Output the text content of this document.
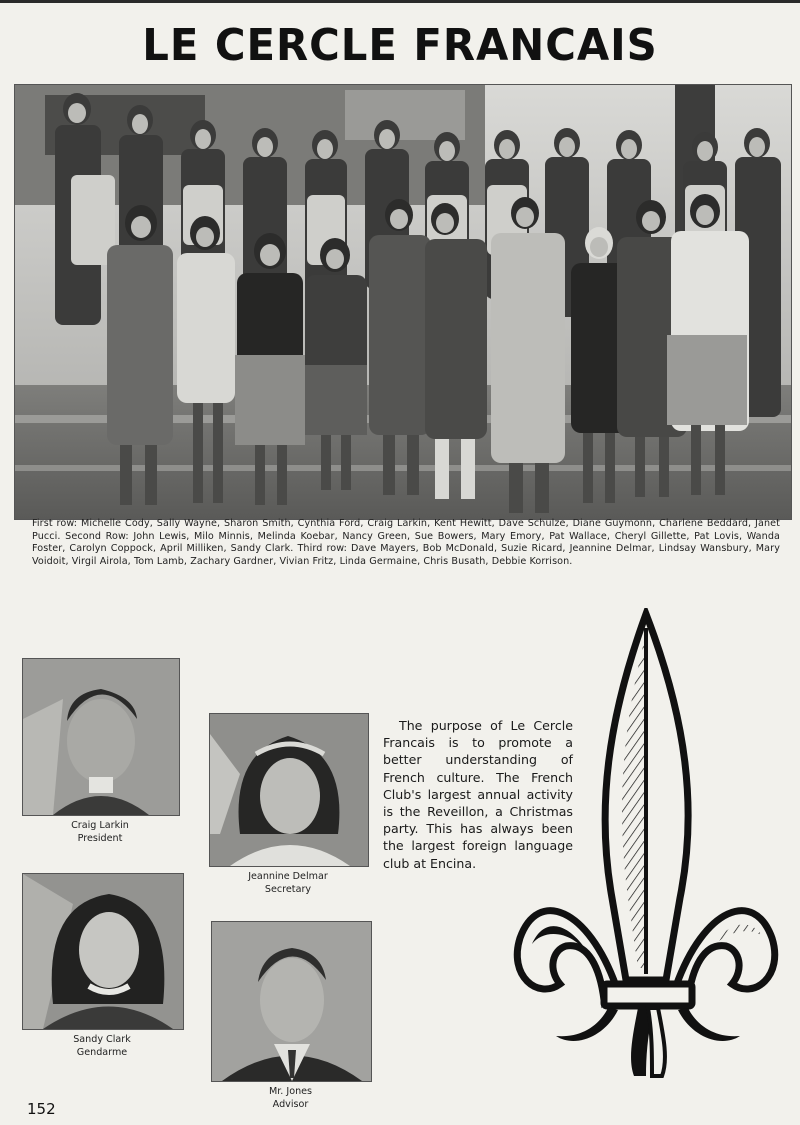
LE CERCLE FRANCAIS
First row: Michelle Cody, Sally Wayne, Sharon Smith, Cynthia Ford, Craig Larkin, Kent Hewitt, Dave Schulze, Diane Guymonn, Charlene Beddard, Janet Pucci. Second Row: John Lewis, Milo Minnis, Melinda Koebar, Nancy Green, Sue Bowers, Mary Emory, Pat Wallace, Cheryl Gillette, Pat Lovis, Wanda Foster, Carolyn Coppock, April Milliken, Sandy Clark. Third row: Dave Mayers, Bob McDonald, Suzie Ricard, Jeannine Delmar, Lindsay Wansbury, Mary Voidoit, Virgil Airola, Tom Lamb, Zachary Gardner, Vivian Fritz, Linda Germaine, Chris Busath, Debbie Korrison.
Craig Larkin
President
Jeannine Delmar
Secretary
Sandy Clark
Gendarme
Mr. Jones
Advisor
The purpose of Le Cercle Francais is to promote a better understanding of French culture. The French Club's largest annual activity is the Reveillon, a Christmas party. This has always been the largest foreign language club at Encina.
152
